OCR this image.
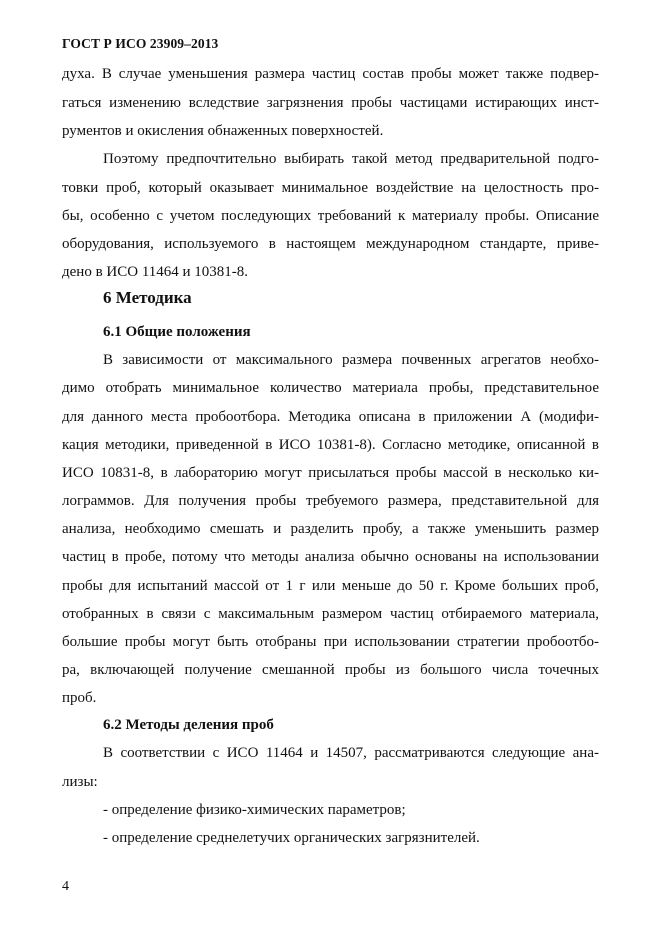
ГОСТ Р ИСО 23909–2013
духа. В случае уменьшения размера частиц состав пробы может также подвер-
гаться изменению вследствие загрязнения пробы частицами истирающих инст-
рументов и окисления обнаженных поверхностей.
Поэтому предпочтительно выбирать такой метод предварительной подго-
товки проб, который оказывает минимальное воздействие на целостность про-
бы, особенно с учетом последующих требований к материалу пробы. Описание
оборудования, используемого в настоящем международном стандарте, приве-
дено в ИСО 11464 и 10381-8.
6 Методика
6.1 Общие положения
В зависимости от максимального размера почвенных агрегатов необхо-
димо отобрать минимальное количество материала пробы, представительное
для данного места пробоотбора. Методика описана в приложении А (модифи-
кация методики, приведенной в ИСО 10381-8). Согласно методике, описанной в
ИСО 10831-8, в лабораторию могут присылаться пробы массой в несколько ки-
лограммов. Для получения пробы требуемого размера, представительной для
анализа, необходимо смешать и разделить пробу, а также уменьшить размер
частиц в пробе, потому что методы анализа обычно основаны на использовании
пробы для испытаний массой от 1 г или меньше до 50 г. Кроме больших проб,
отобранных в связи с максимальным размером частиц отбираемого материала,
большие пробы могут быть отобраны при использовании стратегии пробоотбо-
ра, включающей получение смешанной пробы из большого числа точечных
проб.
6.2 Методы деления проб
В соответствии с ИСО 11464 и 14507, рассматриваются следующие ана-
лизы:
- определение физико-химических параметров;
- определение среднелетучих органических загрязнителей.
4
